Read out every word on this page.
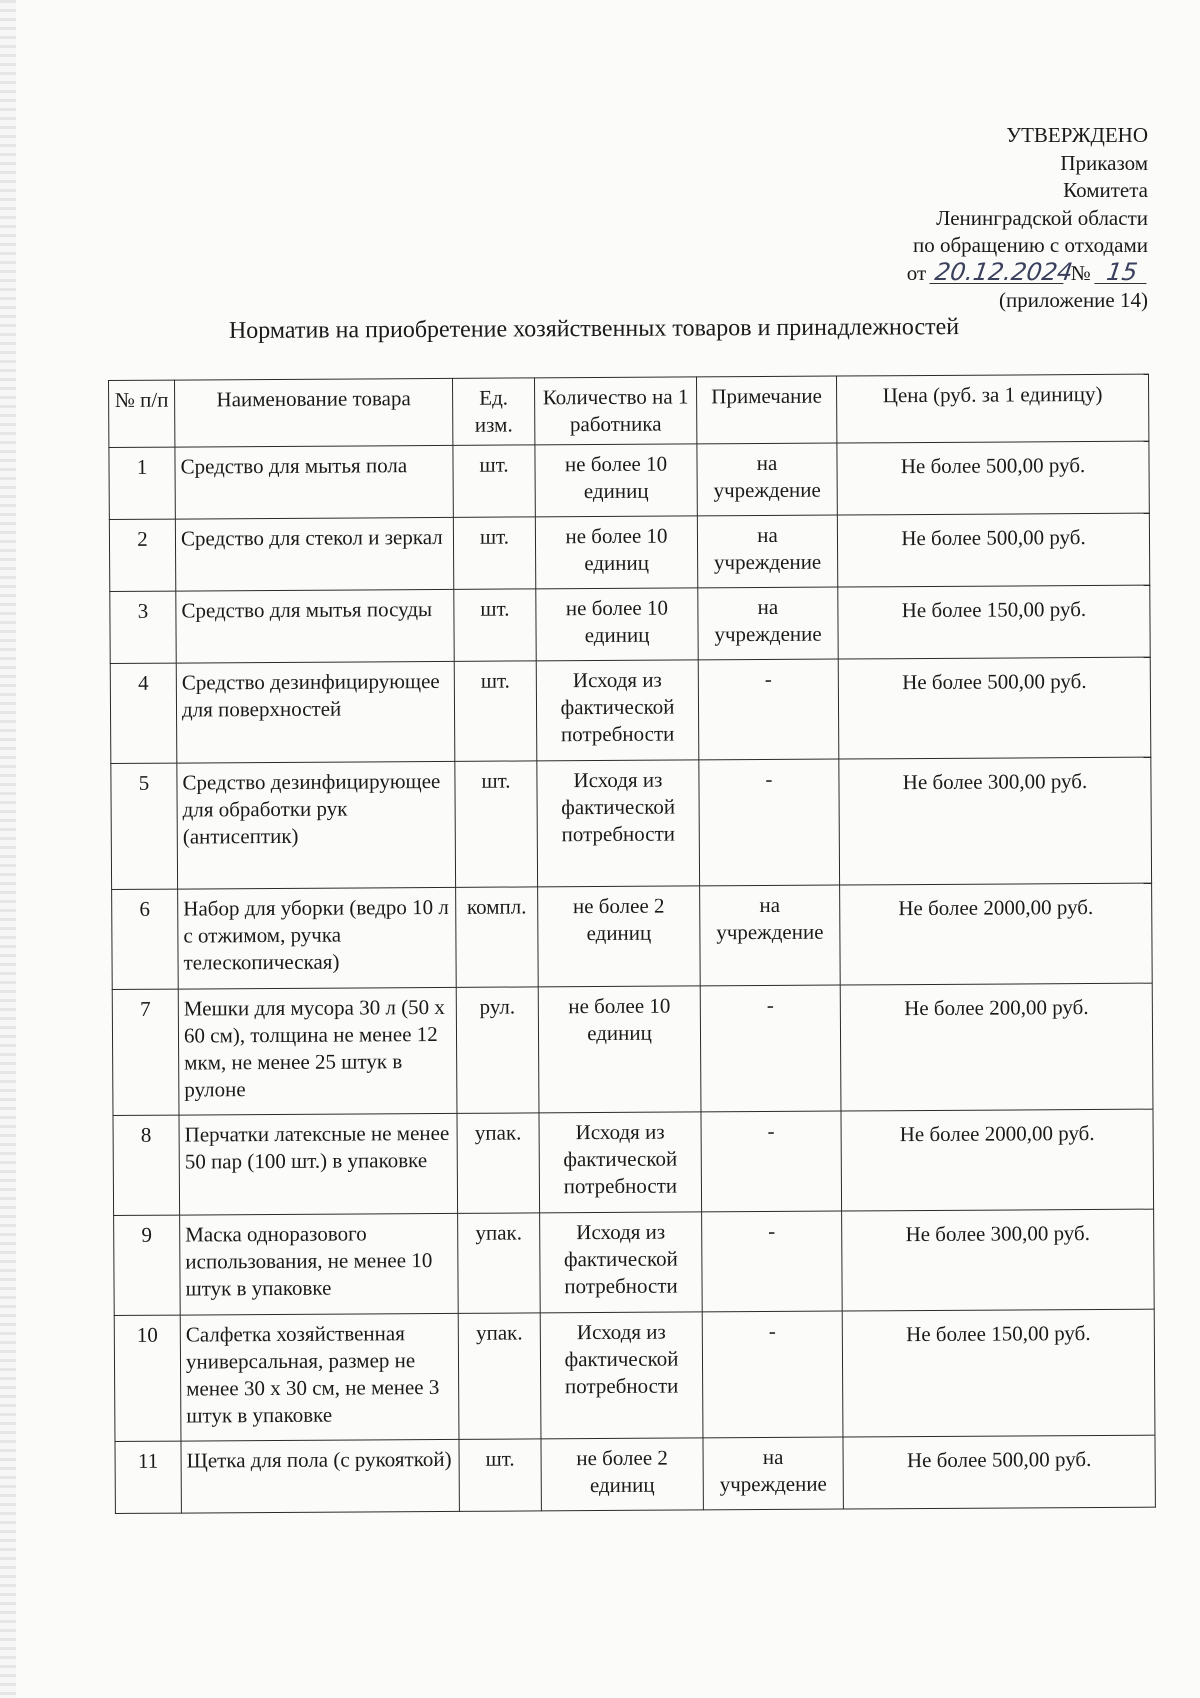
УТВЕРЖДЕНО
Приказом
Комитета
Ленинградской области
по обращению с отходами
от 20.12.2024 № 15
(приложение 14)
Норматив на приобретение хозяйственных товаров и принадлежностей
№ п/п	Наименование товара	Ед. изм.	Количество на 1 работника	Примечание	Цена (руб. за 1 единицу)
1	Средство для мытья пола	шт.	не более 10 единиц	на учреждение	Не более 500,00 руб.
2	Средство для стекол и зеркал	шт.	не более 10 единиц	на учреждение	Не более 500,00 руб.
3	Средство для мытья посуды	шт.	не более 10 единиц	на учреждение	Не более 150,00 руб.
4	Средство дезинфицирующее для поверхностей	шт.	Исходя из фактической потребности	-	Не более 500,00 руб.
5	Средство дезинфицирующее для обработки рук (антисептик)	шт.	Исходя из фактической потребности	-	Не более 300,00 руб.
6	Набор для уборки (ведро 10 л с отжимом, ручка телескопическая)	компл.	не более 2 единиц	на учреждение	Не более 2000,00 руб.
7	Мешки для мусора 30 л (50 х 60 см), толщина не менее 12 мкм, не менее 25 штук в рулоне	рул.	не более 10 единиц	-	Не более 200,00 руб.
8	Перчатки латексные не менее 50 пар (100 шт.) в упаковке	упак.	Исходя из фактической потребности	-	Не более 2000,00 руб.
9	Маска одноразового использования, не менее 10 штук в упаковке	упак.	Исходя из фактической потребности	-	Не более 300,00 руб.
10	Салфетка хозяйственная универсальная, размер не менее 30 х 30 см, не менее 3 штук в упаковке	упак.	Исходя из фактической потребности	-	Не более 150,00 руб.
11	Щетка для пола (с рукояткой)	шт.	не более 2 единиц	на учреждение	Не более 500,00 руб.
